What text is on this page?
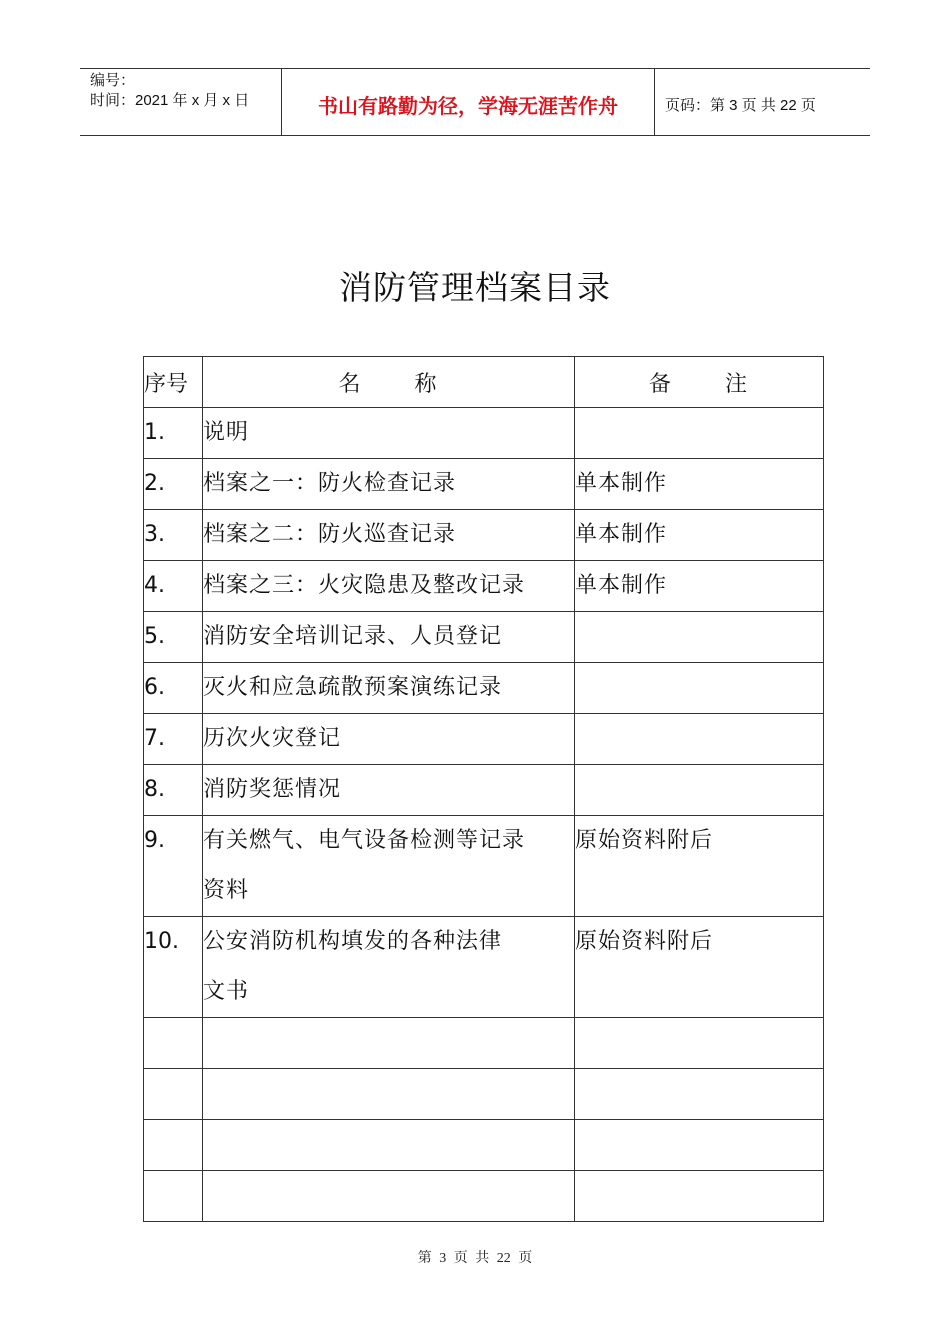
编号：
时间：2021 年 x 月 x 日	书山有路勤为径，学海无涯苦作舟	页码：第 3 页 共 22 页
消防管理档案目录
序号	名 称	备 注

1.	说明	

2.	档案之一：防火检查记录	单本制作

3.	档案之二：防火巡查记录	单本制作

4.	档案之三：火灾隐患及整改记录	单本制作

5.	消防安全培训记录、人员登记	

6.	灭火和应急疏散预案演练记录	

7.	历次火灾登记	

8.	消防奖惩情况	

9.	有关燃气、电气设备检测等记录
资料	原始资料附后

10.	公安消防机构填发的各种法律
文书	原始资料附后

第 3 页 共 22 页
